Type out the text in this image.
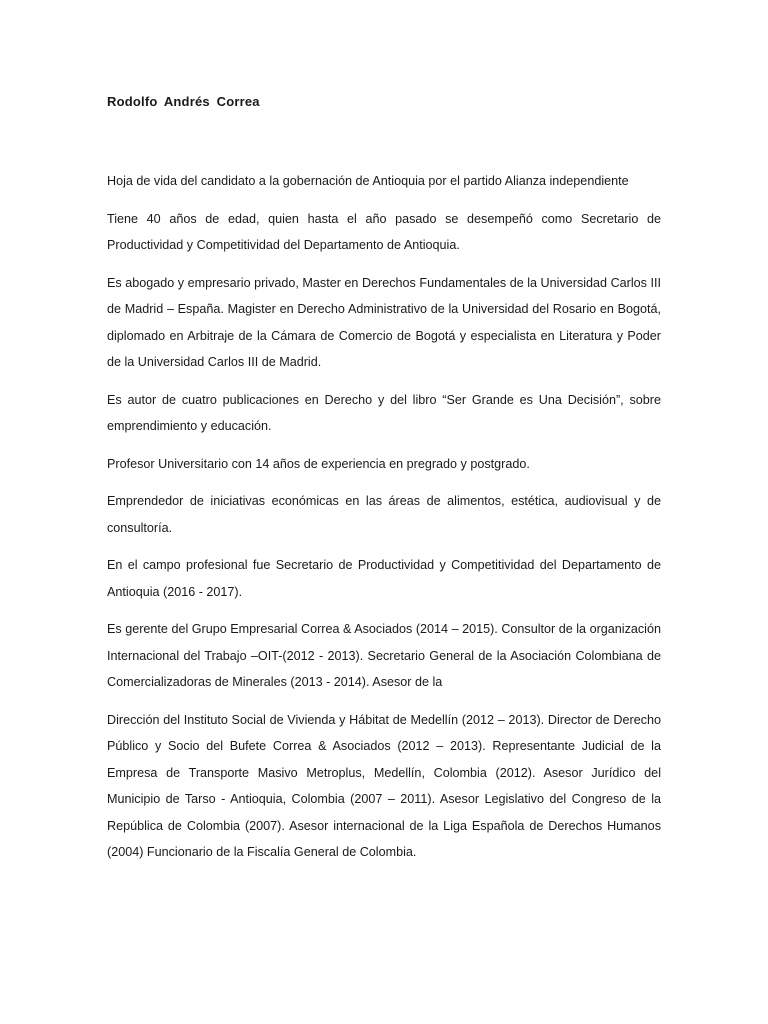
Rodolfo Andrés Correa

Hoja de vida del candidato a la gobernación de Antioquia por el partido Alianza independiente

Tiene 40 años de edad, quien hasta el año pasado se desempeñó como Secretario de Productividad y Competitividad del Departamento de Antioquia.

Es abogado y empresario privado, Master en Derechos Fundamentales de la Universidad Carlos III de Madrid – España. Magister en Derecho Administrativo de la Universidad del Rosario en Bogotá, diplomado en Arbitraje de la Cámara de Comercio de Bogotá y especialista en Literatura y Poder de la Universidad Carlos III de Madrid.

Es autor de cuatro publicaciones en Derecho y del libro “Ser Grande es Una Decisión”, sobre emprendimiento y educación.

Profesor Universitario con 14 años de experiencia en pregrado y postgrado.

Emprendedor de iniciativas económicas en las áreas de alimentos, estética, audiovisual y de consultoría.

En el campo profesional fue Secretario de Productividad y Competitividad del Departamento de Antioquia (2016 - 2017).

Es gerente del Grupo Empresarial Correa & Asociados (2014 – 2015). Consultor de la organización Internacional del Trabajo –OIT-(2012 - 2013). Secretario General de la Asociación Colombiana de Comercializadoras de Minerales (2013 - 2014). Asesor de la

Dirección del Instituto Social de Vivienda y Hábitat de Medellín (2012 – 2013). Director de Derecho Público y Socio del Bufete Correa & Asociados (2012 – 2013). Representante Judicial de la Empresa de Transporte Masivo Metroplus, Medellín, Colombia (2012). Asesor Jurídico del Municipio de Tarso - Antioquia, Colombia (2007 – 2011). Asesor Legislativo del Congreso de la República de Colombia (2007). Asesor internacional de la Liga Española de Derechos Humanos (2004) Funcionario de la Fiscalía General de Colombia.
